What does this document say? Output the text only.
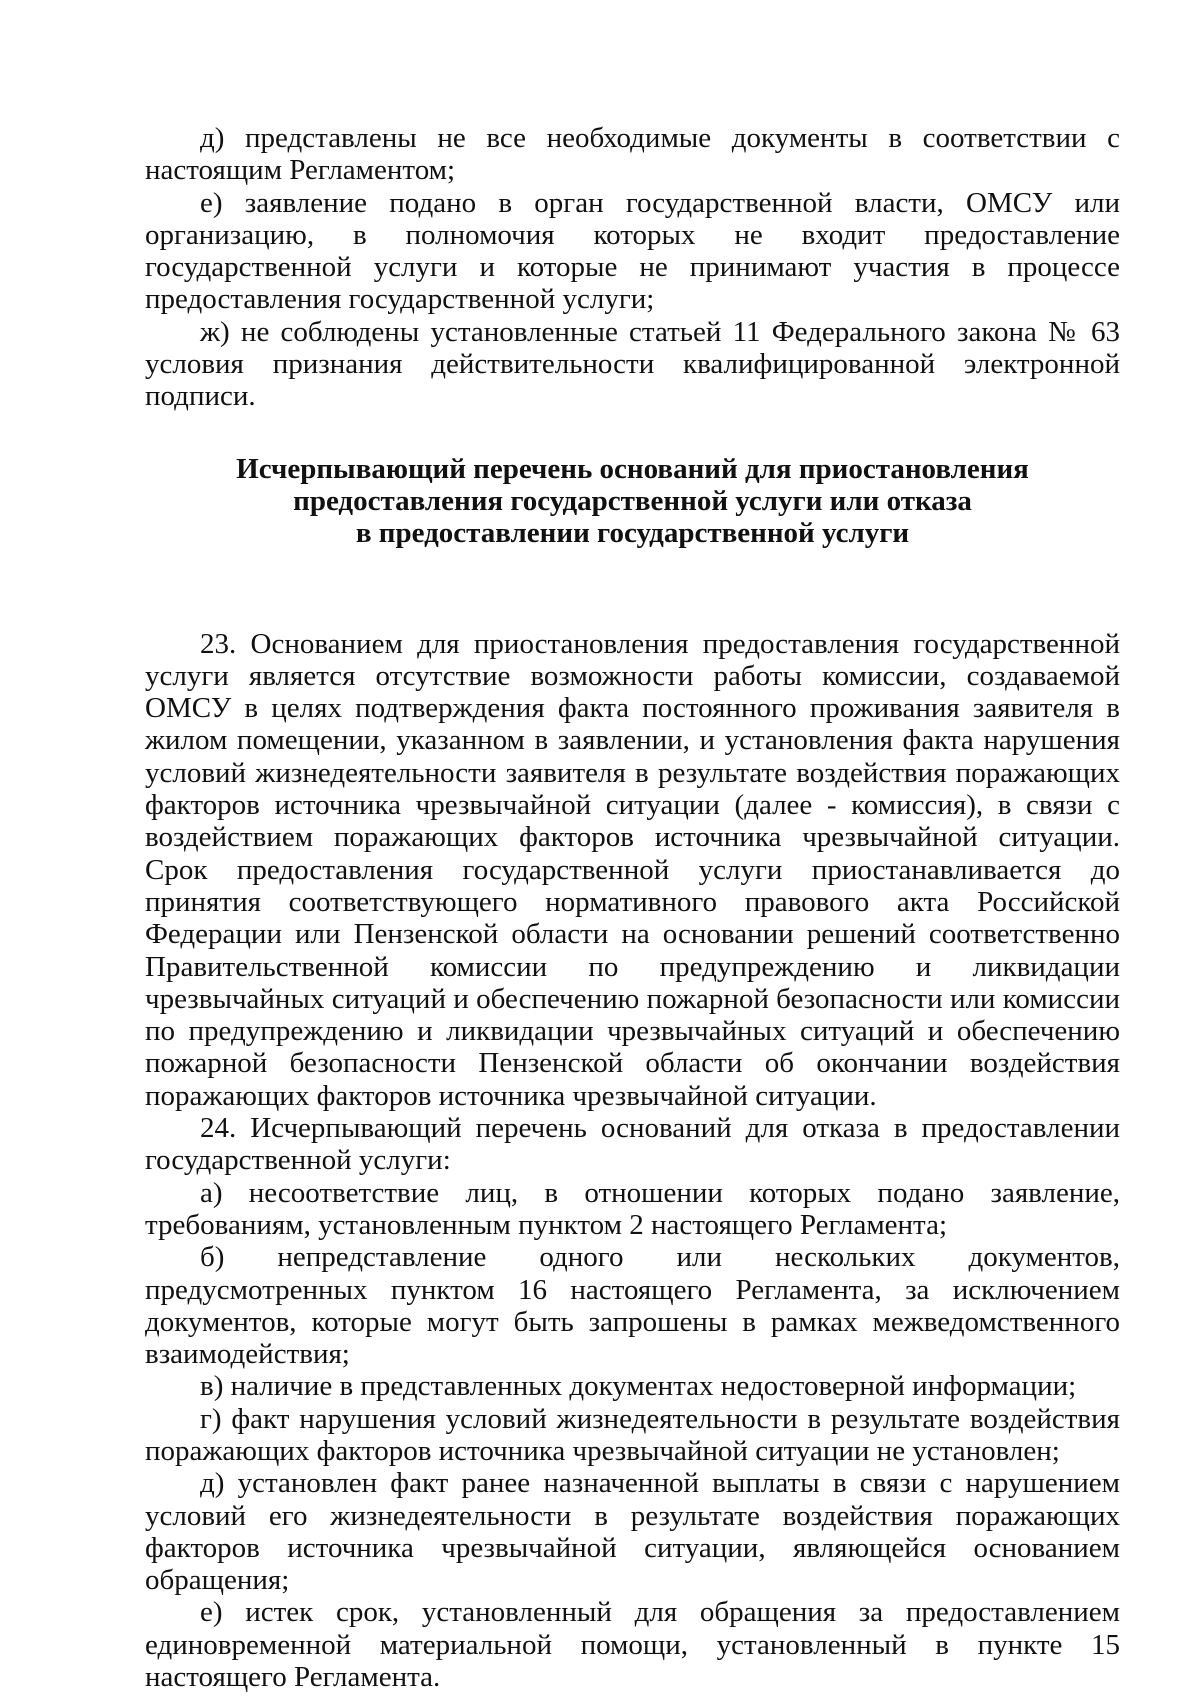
д) представлены не все необходимые документы в соответствии с настоящим Регламентом;

е) заявление подано в орган государственной власти, ОМСУ или организацию, в полномочия которых не входит предоставление государственной услуги и которые не принимают участия в процессе предоставления государственной услуги;

ж) не соблюдены установленные статьей 11 Федерального закона № 63 условия признания действительности квалифицированной электронной подписи.

Исчерпывающий перечень оснований для приостановления
предоставления государственной услуги или отказа
в предоставлении государственной услуги

23. Основанием для приостановления предоставления государственной услуги является отсутствие возможности работы комиссии, создаваемой ОМСУ в целях подтверждения факта постоянного проживания заявителя в жилом помещении, указанном в заявлении, и установления факта нарушения условий жизнедеятельности заявителя в результате воздействия поражающих факторов источника чрезвычайной ситуации (далее - комиссия), в связи с воздействием поражающих факторов источника чрезвычайной ситуации. Срок предоставления государственной услуги приостанавливается до принятия соответствующего нормативного правового акта Российской Федерации или Пензенской области на основании решений соответственно Правительственной комиссии по предупреждению и ликвидации чрезвычайных ситуаций и обеспечению пожарной безопасности или комиссии по предупреждению и ликвидации чрезвычайных ситуаций и обеспечению пожарной безопасности Пензенской области об окончании воздействия поражающих факторов источника чрезвычайной ситуации.

24. Исчерпывающий перечень оснований для отказа в предоставлении государственной услуги:

а) несоответствие лиц, в отношении которых подано заявление, требованиям, установленным пунктом 2 настоящего Регламента;

б) непредставление одного или нескольких документов, предусмотренных пунктом 16 настоящего Регламента, за исключением документов, которые могут быть запрошены в рамках межведомственного взаимодействия;

в) наличие в представленных документах недостоверной информации;

г) факт нарушения условий жизнедеятельности в результате воздействия поражающих факторов источника чрезвычайной ситуации не установлен;

д) установлен факт ранее назначенной выплаты в связи с нарушением условий его жизнедеятельности в результате воздействия поражающих факторов источника чрезвычайной ситуации, являющейся основанием обращения;

е) истек срок, установленный для обращения за предоставлением единовременной материальной помощи, установленный в пункте 15 настоящего Регламента.
